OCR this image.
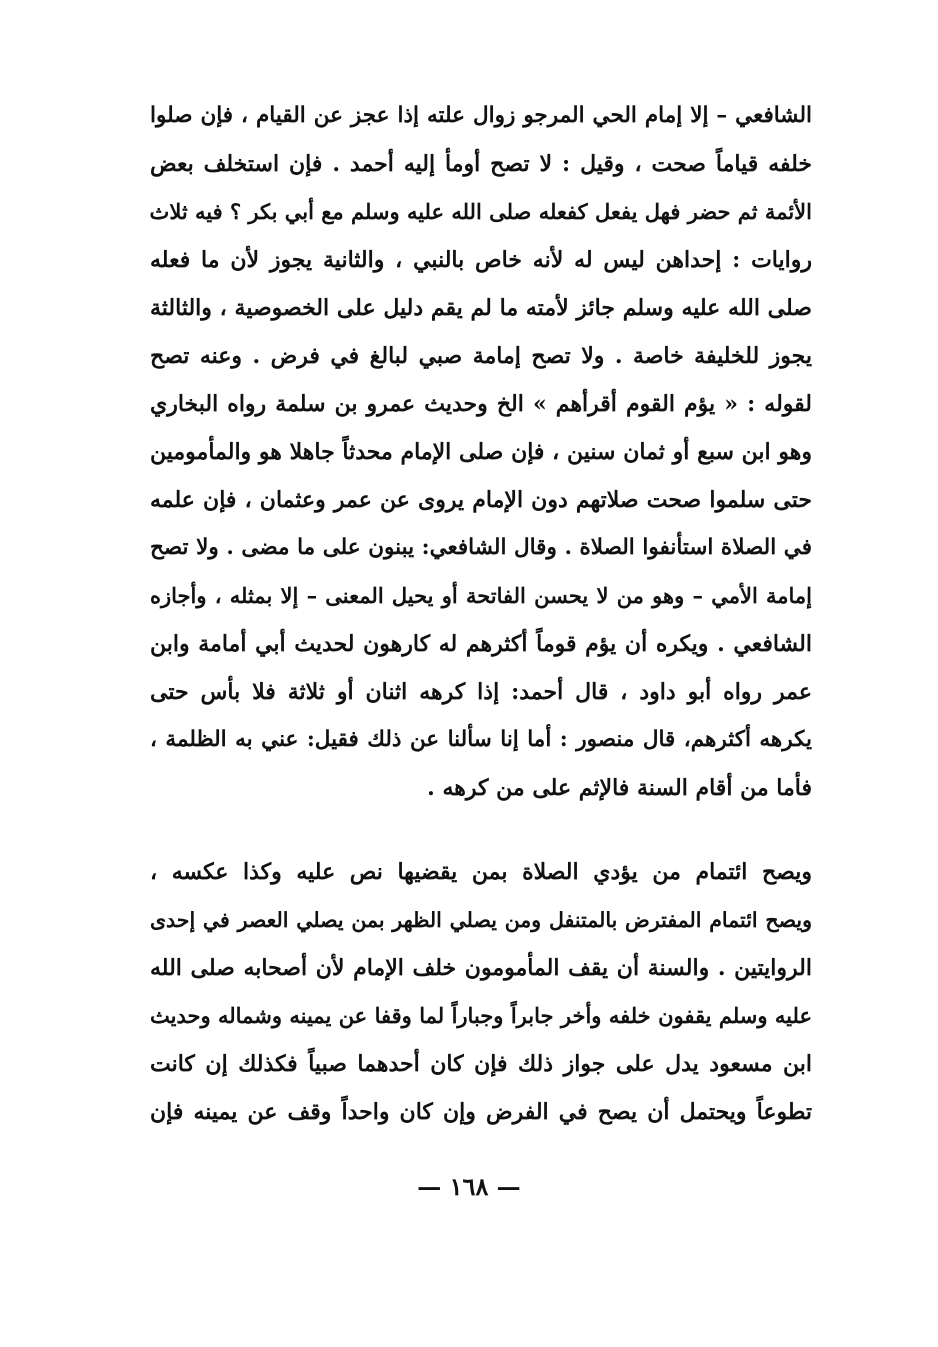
الشافعي – إلا إمام الحي المرجو زوال علته إذا عجز عن القيام ، فإن صلوا
خلفه قياماً صحت ، وقيل : لا تصح أومأ إليه أحمد . فإن استخلف بعض
الأئمة ثم حضر فهل يفعل كفعله صلى الله عليه وسلم مع أبي بكر ؟ فيه ثلاث
روايات : إحداهن ليس له لأنه خاص بالنبي ، والثانية يجوز لأن ما فعله
صلى الله عليه وسلم جائز لأمته ما لم يقم دليل على الخصوصية ، والثالثة
يجوز للخليفة خاصة . ولا تصح إمامة صبي لبالغ في فرض . وعنه تصح
لقوله : « يؤم القوم أقرأهم » الخ وحديث عمرو بن سلمة رواه البخاري
وهو ابن سبع أو ثمان سنين ، فإن صلى الإمام محدثاً جاهلا هو والمأمومين
حتى سلموا صحت صلاتهم دون الإمام يروى عن عمر وعثمان ، فإن علمه
في الصلاة استأنفوا الصلاة . وقال الشافعي: يبنون على ما مضى . ولا تصح
إمامة الأمي – وهو من لا يحسن الفاتحة أو يحيل المعنى – إلا بمثله ، وأجازه
الشافعي . ويكره أن يؤم قوماً أكثرهم له كارهون لحديث أبي أمامة وابن
عمر رواه أبو داود ، قال أحمد: إذا كرهه اثنان أو ثلاثة فلا بأس حتى
يكرهه أكثرهم، قال منصور : أما إنا سألنا عن ذلك فقيل: عني به الظلمة ،
فأما من أقام السنة فالإثم على من كرهه .
ويصح ائتمام من يؤدي الصلاة بمن يقضيها نص عليه وكذا عكسه ،
ويصح ائتمام المفترض بالمتنفل ومن يصلي الظهر بمن يصلي العصر في إحدى
الروايتين . والسنة أن يقف المأمومون خلف الإمام لأن أصحابه صلى الله
عليه وسلم يقفون خلفه وأخر جابراً وجباراً لما وقفا عن يمينه وشماله وحديث
ابن مسعود يدل على جواز ذلك فإن كان أحدهما صبياً فكذلك إن كانت
تطوعاً ويحتمل أن يصح في الفرض وإن كان واحداً وقف عن يمينه فإن
— ١٦٨ —
